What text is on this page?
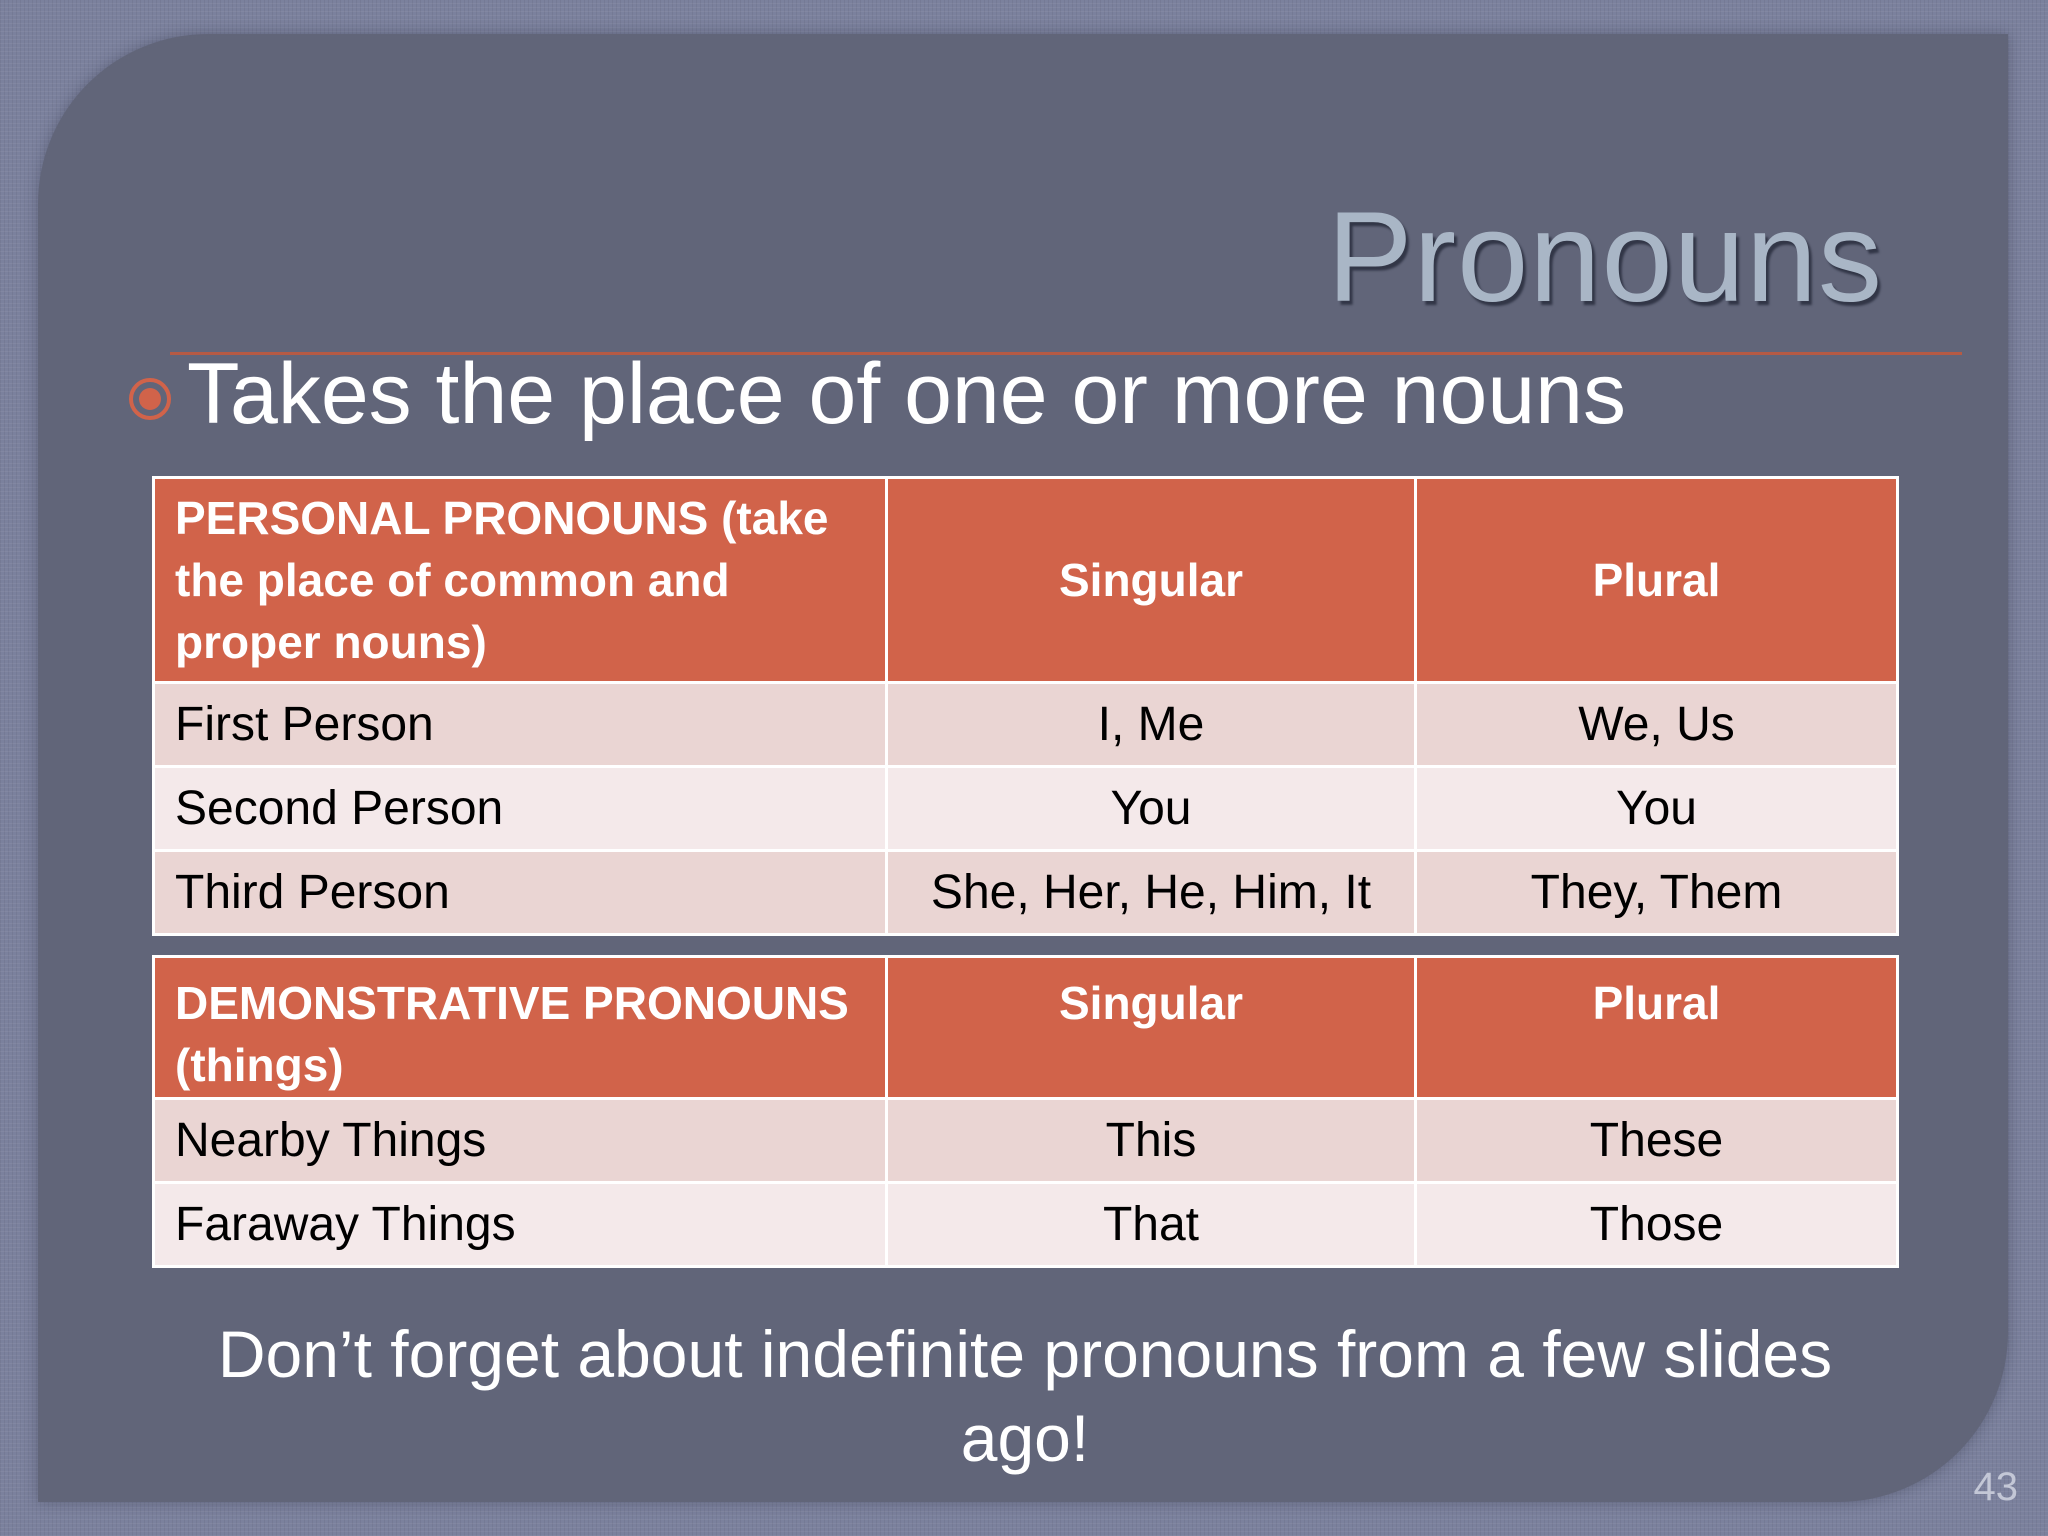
Pronouns
Takes the place of one or more nouns
PERSONAL PRONOUNS (take the place of common and proper nouns)	Singular	Plural
First Person	I, Me	We, Us
Second Person	You	You
Third Person	She, Her, He, Him, It	They, Them
DEMONSTRATIVE PRONOUNS (things)	Singular	Plural
Nearby Things	This	These
Faraway Things	That	Those
Don’t forget about indefinite pronouns from a few slides ago!
43
